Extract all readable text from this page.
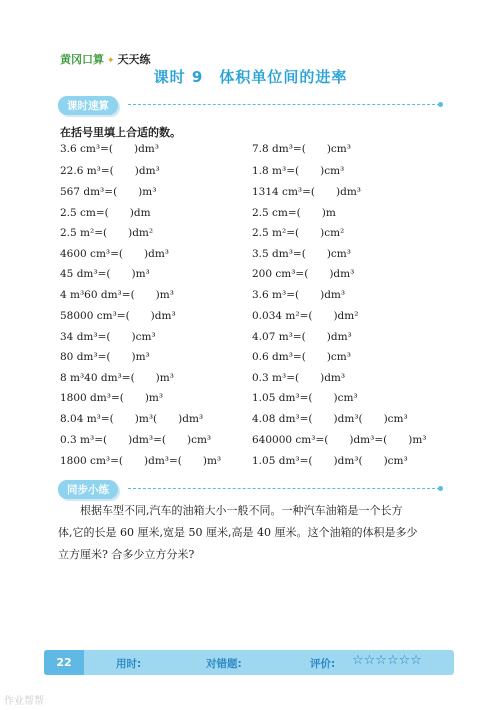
黄冈口算 ✦ 天天练
课时 9　体积单位间的进率
课时速算
在括号里填上合适的数。
3.6 cm³=(　　)dm³
22.6 m³=(　　)dm³
567 dm³=(　　)m³
2.5 cm=(　　)dm
2.5 m²=(　　)dm²
4600 cm³=(　　)dm³
45 dm³=(　　)m³
4 m³60 dm³=(　　)m³
58000 cm³=(　　)dm³
34 dm³=(　　)cm³
80 dm³=(　　)m³
8 m³40 dm³=(　　)m³
1800 dm³=(　　)m³
8.04 m³=(　　)m³(　　)dm³
0.3 m³=(　　)dm³=(　　)cm³
1800 cm³=(　　)dm³=(　　)m³
7.8 dm³=(　　)cm³
1.8 m³=(　　)cm³
1314 cm³=(　　)dm³
2.5 cm=(　　)m
2.5 m²=(　　)cm²
3.5 dm³=(　　)cm³
200 cm³=(　　)dm³
3.6 m³=(　　)dm³
0.034 m²=(　　)dm²
4.07 m³=(　　)dm³
0.6 dm³=(　　)cm³
0.3 m³=(　　)dm³
1.05 dm³=(　　)cm³
4.08 dm³=(　　)dm³(　　)cm³
640000 cm³=(　　)dm³=(　　)m³
1.05 dm³=(　　)dm³(　　)cm³
同步小练
　　根据车型不同,汽车的油箱大小一般不同。一种汽车油箱是一个长方
体,它的长是 60 厘米,宽是 50 厘米,高是 40 厘米。这个油箱的体积是多少
立方厘米? 合多少立方分米?
22	用时:	对错题:	评价: ☆☆☆☆☆☆
作业帮帮
